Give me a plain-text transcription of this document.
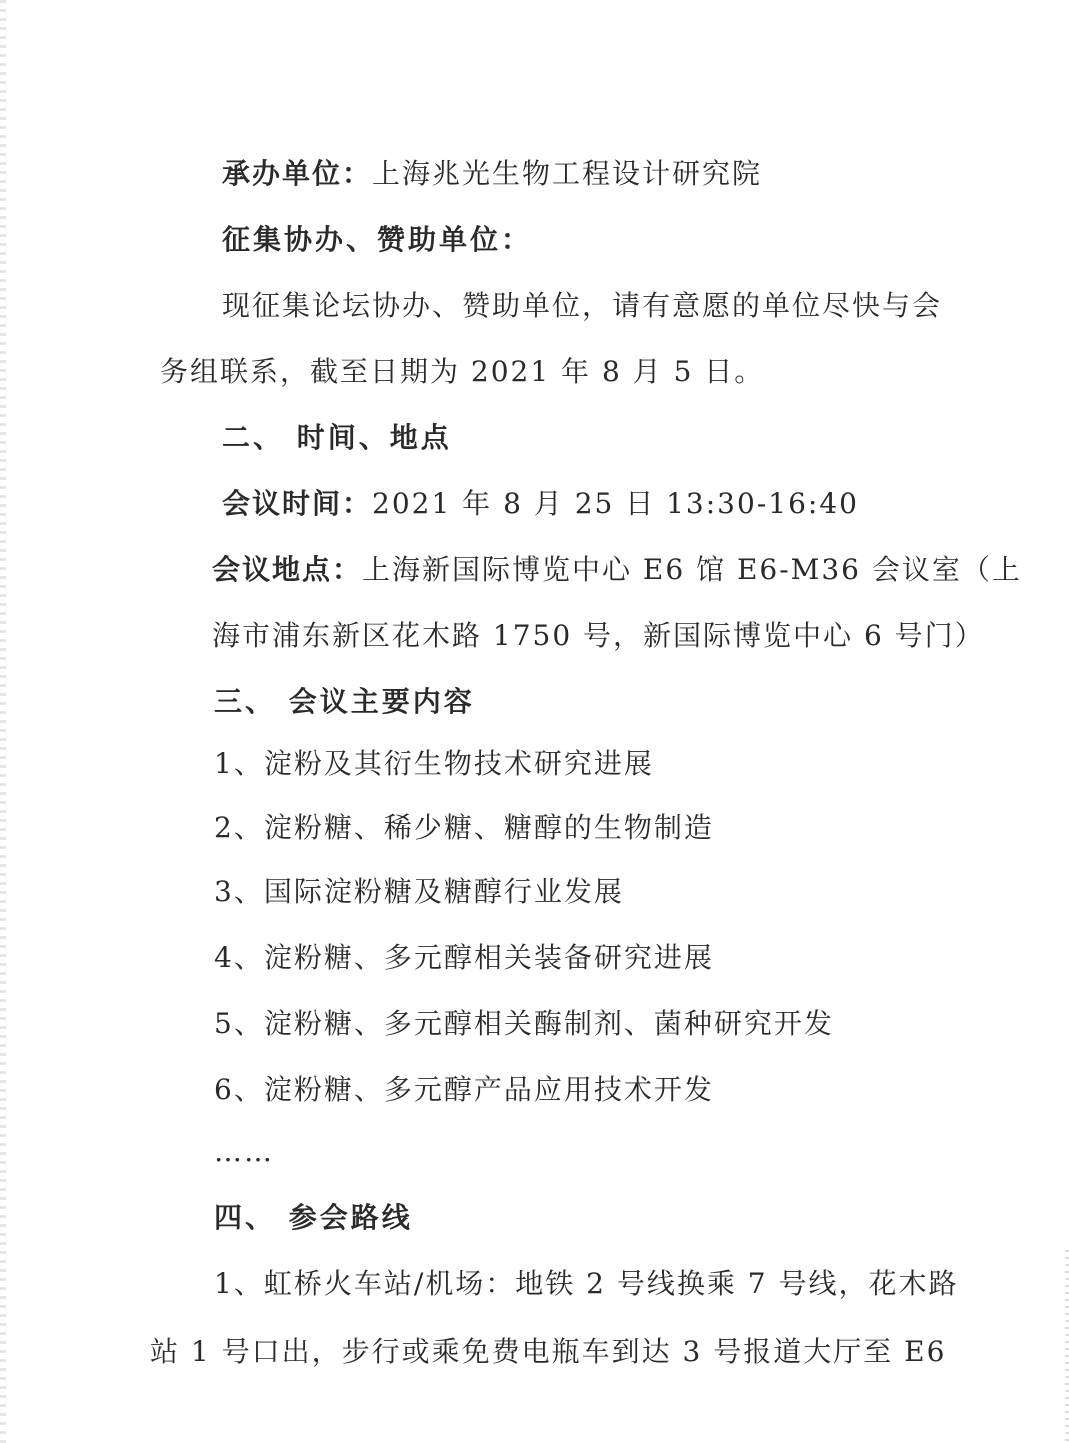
承办单位：上海兆光生物工程设计研究院
征集协办、赞助单位：
现征集论坛协办、赞助单位，请有意愿的单位尽快与会
务组联系，截至日期为 2021 年 8 月 5 日。
二、 时间、地点
会议时间：2021 年 8 月 25 日 13:30-16:40
会议地点：上海新国际博览中心 E6 馆 E6-M36 会议室（上
海市浦东新区花木路 1750 号，新国际博览中心 6 号门）
三、 会议主要内容
1、淀粉及其衍生物技术研究进展
2、淀粉糖、稀少糖、糖醇的生物制造
3、国际淀粉糖及糖醇行业发展
4、淀粉糖、多元醇相关装备研究进展
5、淀粉糖、多元醇相关酶制剂、菌种研究开发
6、淀粉糖、多元醇产品应用技术开发
……
四、 参会路线
1、虹桥火车站/机场：地铁 2 号线换乘 7 号线，花木路
站 1 号口出，步行或乘免费电瓶车到达 3 号报道大厅至 E6
